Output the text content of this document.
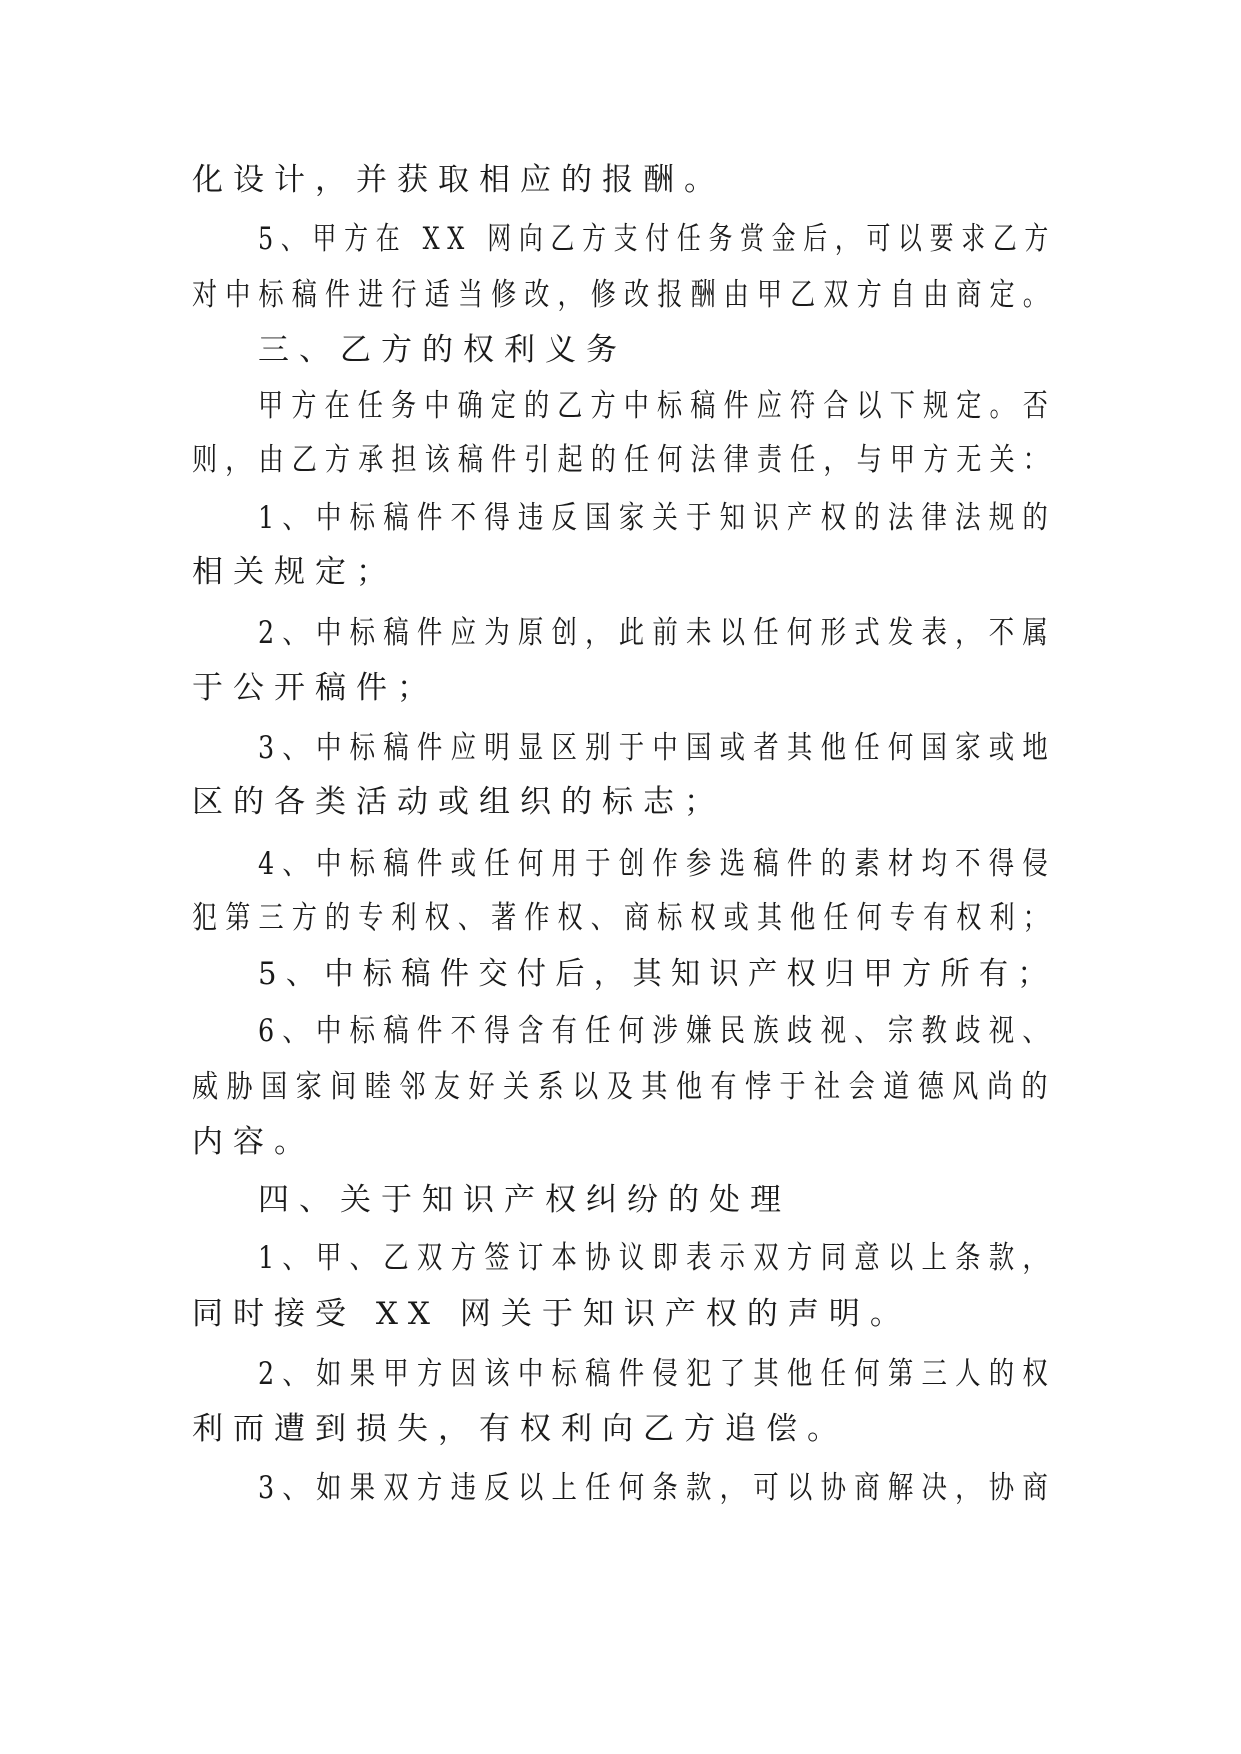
化设计，并获取相应的报酬。
5、甲方在 XX 网向乙方支付任务赏金后，可以要求乙方
对中标稿件进行适当修改，修改报酬由甲乙双方自由商定。
三、乙方的权利义务
甲方在任务中确定的乙方中标稿件应符合以下规定。否
则，由乙方承担该稿件引起的任何法律责任，与甲方无关：
1、中标稿件不得违反国家关于知识产权的法律法规的
相关规定；
2、中标稿件应为原创，此前未以任何形式发表，不属
于公开稿件；
3、中标稿件应明显区别于中国或者其他任何国家或地
区的各类活动或组织的标志；
4、中标稿件或任何用于创作参选稿件的素材均不得侵
犯第三方的专利权、著作权、商标权或其他任何专有权利；
5、中标稿件交付后，其知识产权归甲方所有；
6、中标稿件不得含有任何涉嫌民族歧视、宗教歧视、
威胁国家间睦邻友好关系以及其他有悖于社会道德风尚的
内容。
四、关于知识产权纠纷的处理
1、甲、乙双方签订本协议即表示双方同意以上条款，
同时接受 XX 网关于知识产权的声明。
2、如果甲方因该中标稿件侵犯了其他任何第三人的权
利而遭到损失，有权利向乙方追偿。
3、如果双方违反以上任何条款，可以协商解决，协商
